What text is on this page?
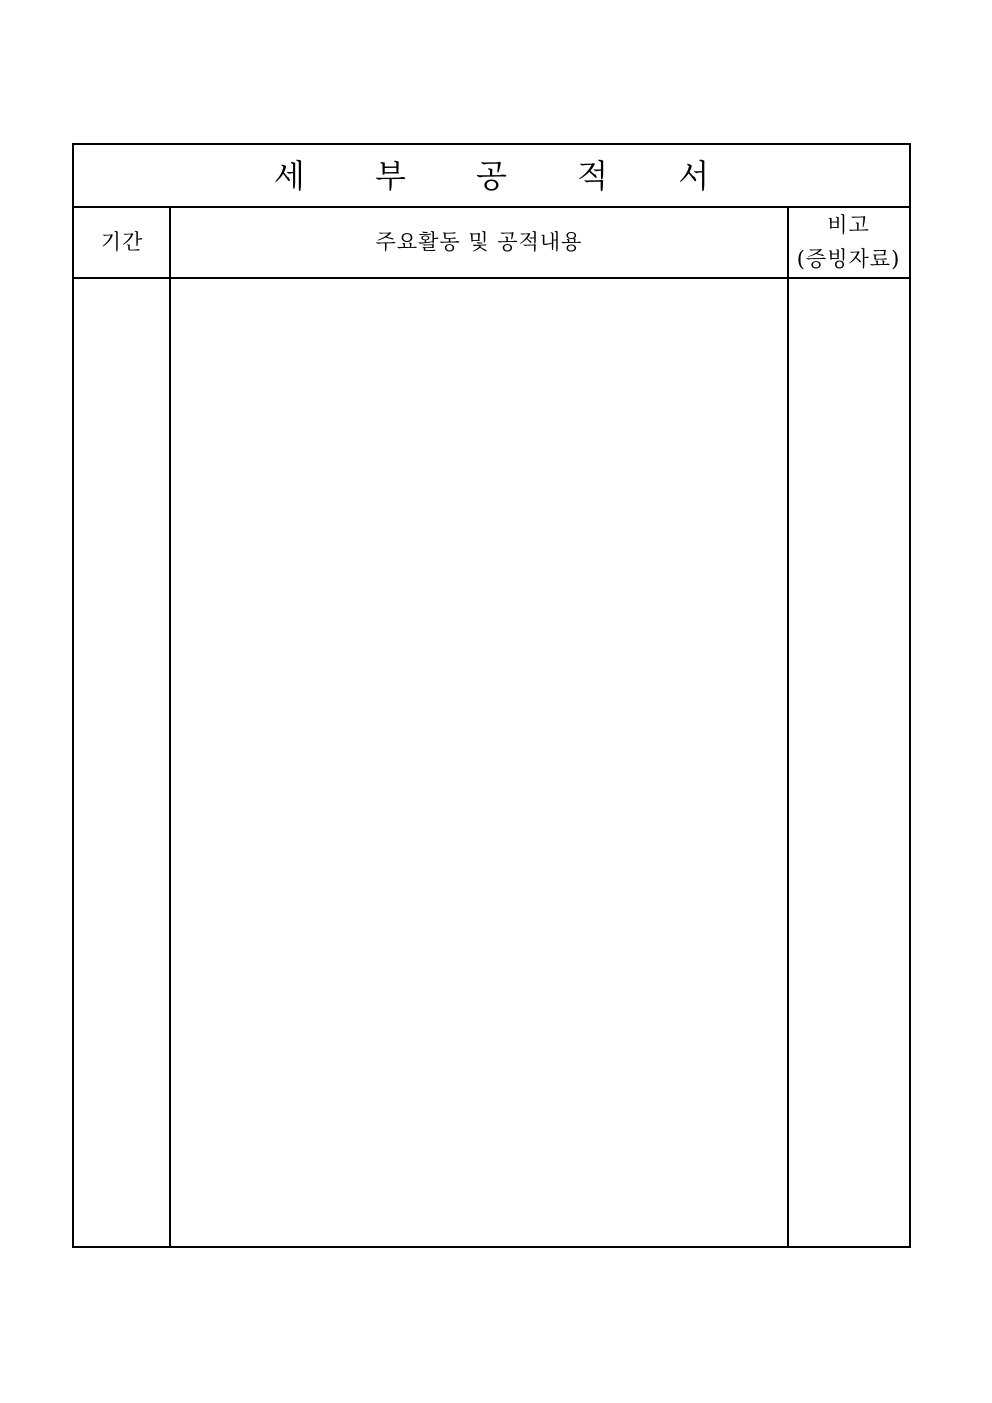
세 부 공 적 서
기간	주요활동 및 공적내용
비고
(증빙자료)
